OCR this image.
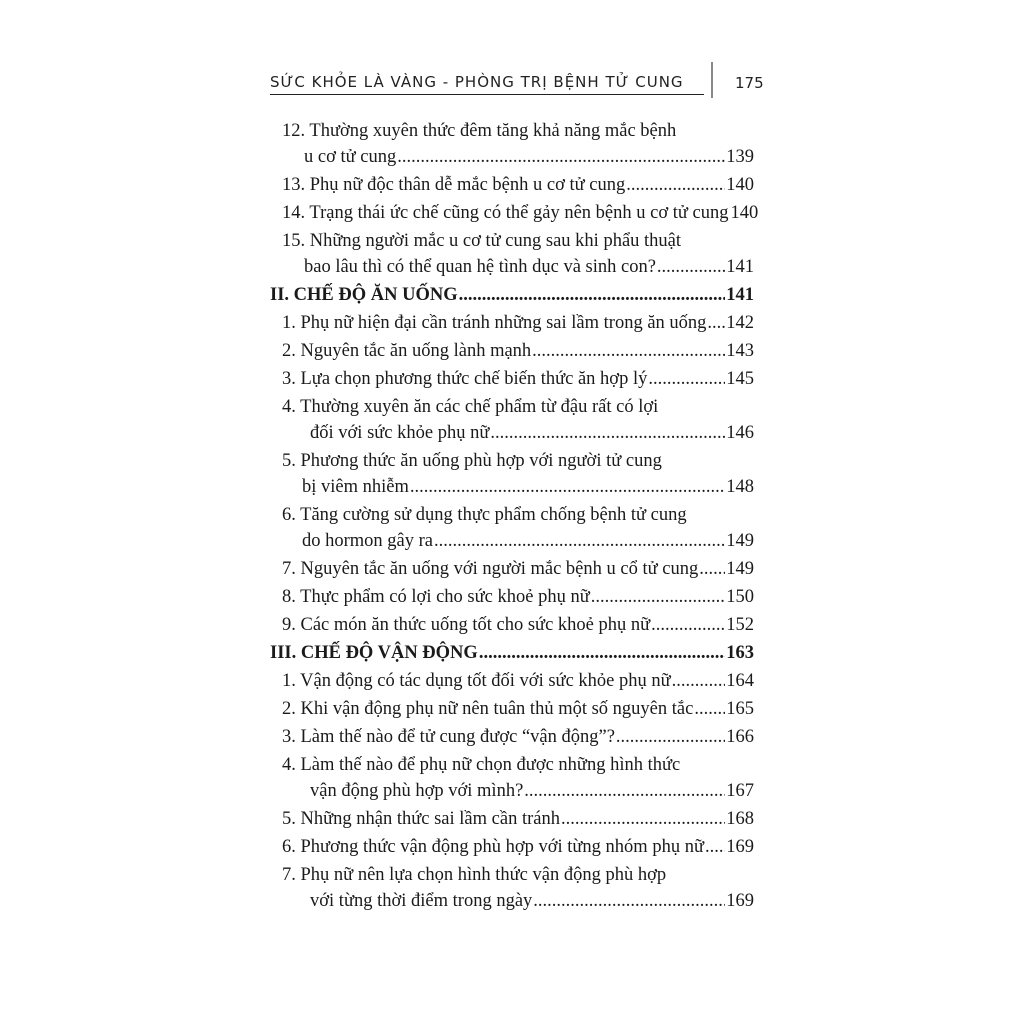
SỨC KHỎE LÀ VÀNG - PHÒNG TRỊ BỆNH TỬ CUNG	175
12. Thường xuyên thức đêm tăng khả năng mắc bệnh
u cơ tử cung .....	139
13. Phụ nữ độc thân dễ mắc bệnh u cơ tử cung .....	140
14. Trạng thái ức chế cũng có thể gảy nên bệnh u cơ tử cung 140
15. Những người mắc u cơ tử cung sau khi phẩu thuật
bao lâu thì có thể quan hệ tình dục và sinh con? .....	141
II. CHẾ ĐỘ ĂN UỐNG .....	141
1. Phụ nữ hiện đại cần tránh những sai lầm trong ăn uống ..... 142
2. Nguyên tắc ăn uống lành mạnh .....	143
3. Lựa chọn phương thức chế biến thức ăn hợp lý .....	145
4. Thường xuyên ăn các chế phẩm từ đậu rất có lợi
đối với sức khỏe phụ nữ .....	146
5. Phương thức ăn uống phù hợp với người tử cung
bị viêm nhiễm .....	148
6. Tăng cường sử dụng thực phẩm chống bệnh tử cung
do hormon gây ra .....	149
7. Nguyên tắc ăn uống với người mắc bệnh u cổ tử cung ..... 149
8. Thực phẩm có lợi cho sức khoẻ phụ nữ .....	150
9. Các món ăn thức uống tốt cho sức khoẻ phụ nữ .....	152
III. CHẾ ĐỘ VẬN ĐỘNG .....	163
1. Vận động có tác dụng tốt đối với sức khỏe phụ nữ .....	164
2. Khi vận động phụ nữ nên tuân thủ một số nguyên tắc ..... 165
3. Làm thế nào để tử cung được “vận động”? .....	166
4. Làm thế nào để phụ nữ chọn được những hình thức
vận động phù hợp với mình? .....	167
5. Những nhận thức sai lầm cần tránh .....	168
6. Phương thức vận động phù hợp với từng nhóm phụ nữ ..... 169
7. Phụ nữ nên lựa chọn hình thức vận động phù hợp
với từng thời điểm trong ngày .....	169
